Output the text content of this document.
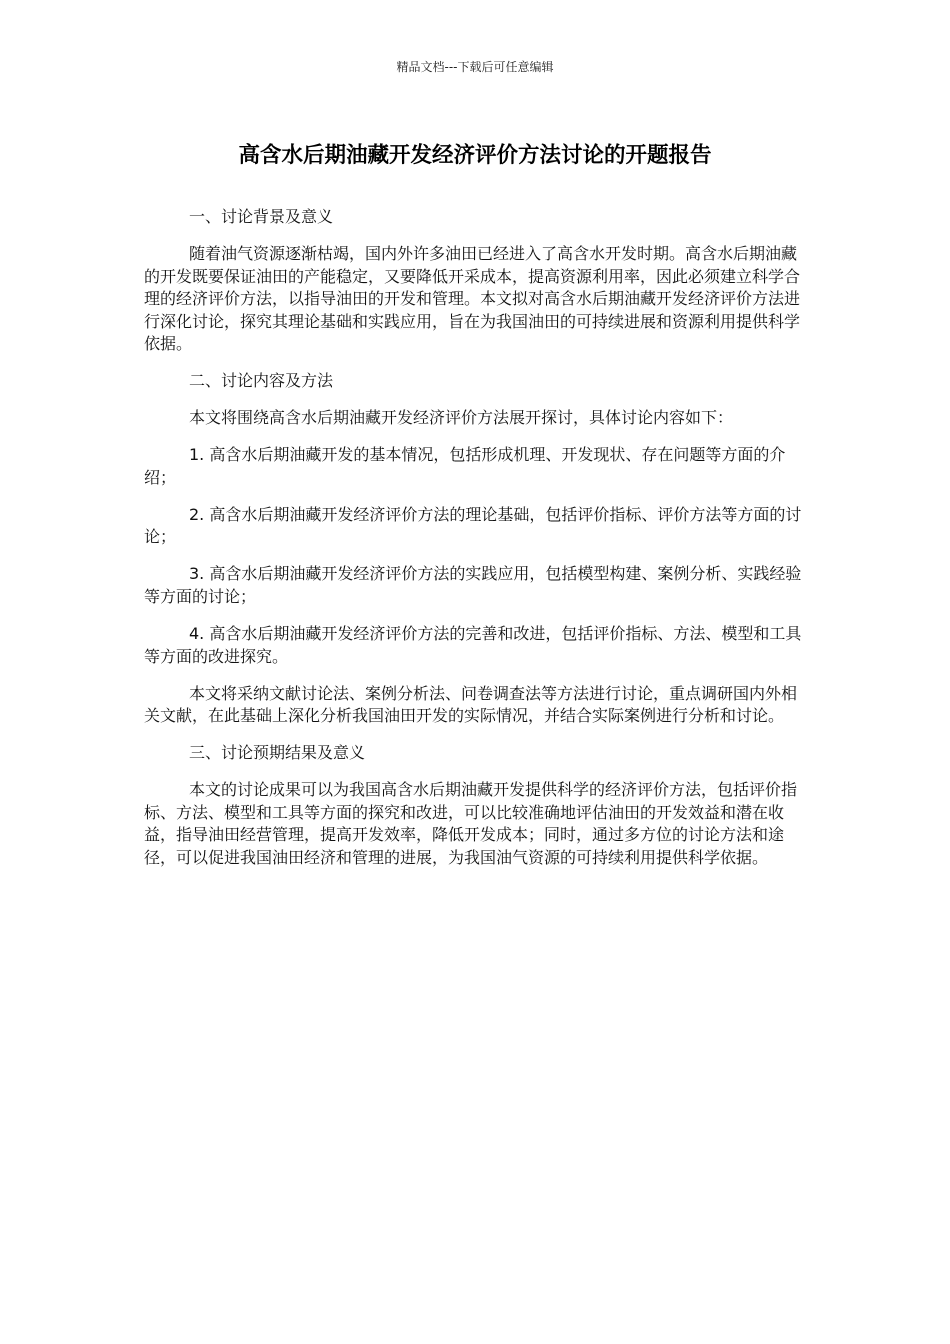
精品文档---下载后可任意编辑
高含水后期油藏开发经济评价方法讨论的开题报告

一、讨论背景及意义

随着油气资源逐渐枯竭，国内外许多油田已经进入了高含水开发时期。高含水后期油藏的开发既要保证油田的产能稳定，又要降低开采成本，提高资源利用率，因此必须建立科学合理的经济评价方法，以指导油田的开发和管理。本文拟对高含水后期油藏开发经济评价方法进行深化讨论，探究其理论基础和实践应用，旨在为我国油田的可持续进展和资源利用提供科学依据。

二、讨论内容及方法

本文将围绕高含水后期油藏开发经济评价方法展开探讨，具体讨论内容如下：

1. 高含水后期油藏开发的基本情况，包括形成机理、开发现状、存在问题等方面的介绍；

2. 高含水后期油藏开发经济评价方法的理论基础，包括评价指标、评价方法等方面的讨论；

3. 高含水后期油藏开发经济评价方法的实践应用，包括模型构建、案例分析、实践经验等方面的讨论；

4. 高含水后期油藏开发经济评价方法的完善和改进，包括评价指标、方法、模型和工具等方面的改进探究。

本文将采纳文献讨论法、案例分析法、问卷调查法等方法进行讨论，重点调研国内外相关文献，在此基础上深化分析我国油田开发的实际情况，并结合实际案例进行分析和讨论。

三、讨论预期结果及意义

本文的讨论成果可以为我国高含水后期油藏开发提供科学的经济评价方法，包括评价指标、方法、模型和工具等方面的探究和改进，可以比较准确地评估油田的开发效益和潜在收益，指导油田经营管理，提高开发效率，降低开发成本；同时，通过多方位的讨论方法和途径，可以促进我国油田经济和管理的进展，为我国油气资源的可持续利用提供科学依据。
